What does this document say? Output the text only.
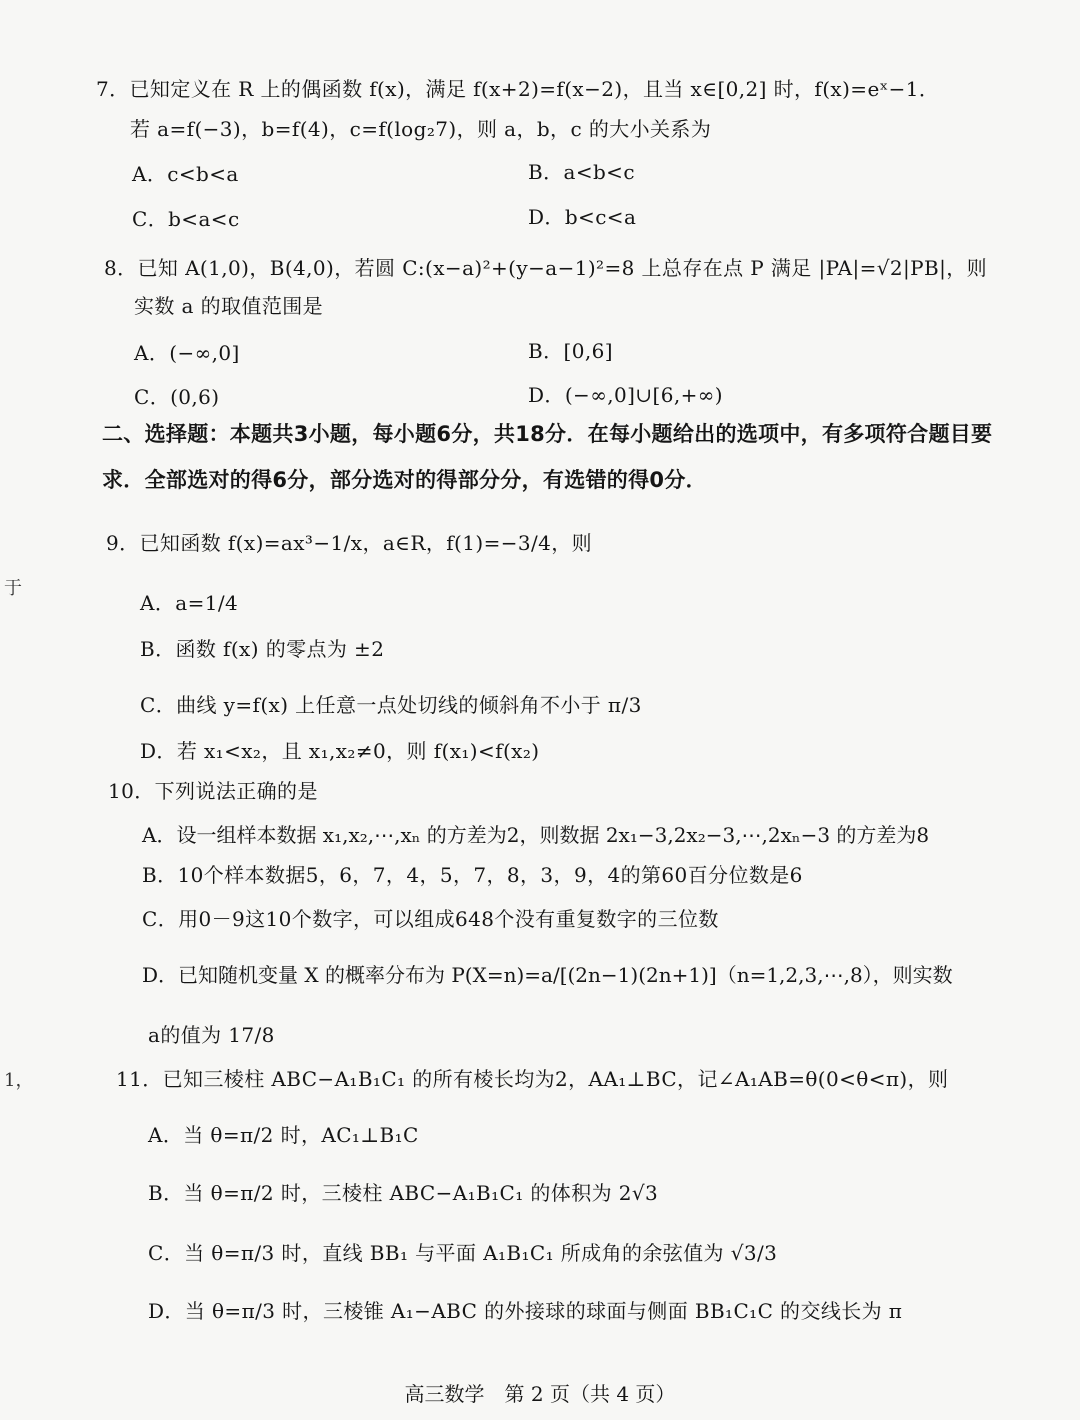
7．已知定义在 R 上的偶函数 f(x)，满足 f(x+2)=f(x−2)，且当 x∈[0,2] 时，f(x)=eˣ−1．
若 a=f(−3)，b=f(4)，c=f(log₂7)，则 a，b，c 的大小关系为
A．c<b<a	B．a<b<c
C．b<a<c	D．b<c<a
8．已知 A(1,0)，B(4,0)，若圆 C:(x−a)²+(y−a−1)²=8 上总存在点 P 满足 |PA|=√2|PB|，则
实数 a 的取值范围是
A．(−∞,0]	B．[0,6]
C．(0,6)	D．(−∞,0]∪[6,+∞)
二、选择题：本题共3小题，每小题6分，共18分．在每小题给出的选项中，有多项符合题目要
求．全部选对的得6分，部分选对的得部分分，有选错的得0分．
9．已知函数 f(x)=ax³−1/x，a∈R，f(1)=−3/4，则
A．a=1/4
B．函数 f(x) 的零点为 ±2
C．曲线 y=f(x) 上任意一点处切线的倾斜角不小于 π/3
D．若 x₁<x₂，且 x₁,x₂≠0，则 f(x₁)<f(x₂)
10．下列说法正确的是
A．设一组样本数据 x₁,x₂,⋯,xₙ 的方差为2，则数据 2x₁−3,2x₂−3,⋯,2xₙ−3 的方差为8
B．10个样本数据5，6，7，4，5，7，8，3，9，4的第60百分位数是6
C．用0－9这10个数字，可以组成648个没有重复数字的三位数
D．已知随机变量 X 的概率分布为 P(X=n)=a/[(2n−1)(2n+1)]（n=1,2,3,⋯,8），则实数
a的值为 17/8
11．已知三棱柱 ABC−A₁B₁C₁ 的所有棱长均为2，AA₁⊥BC，记∠A₁AB=θ(0<θ<π)，则
A．当 θ=π/2 时，AC₁⊥B₁C
B．当 θ=π/2 时，三棱柱 ABC−A₁B₁C₁ 的体积为 2√3
C．当 θ=π/3 时，直线 BB₁ 与平面 A₁B₁C₁ 所成角的余弦值为 √3/3
D．当 θ=π/3 时，三棱锥 A₁−ABC 的外接球的球面与侧面 BB₁C₁C 的交线长为 π
于
1，
高三数学　第 2 页（共 4 页）
